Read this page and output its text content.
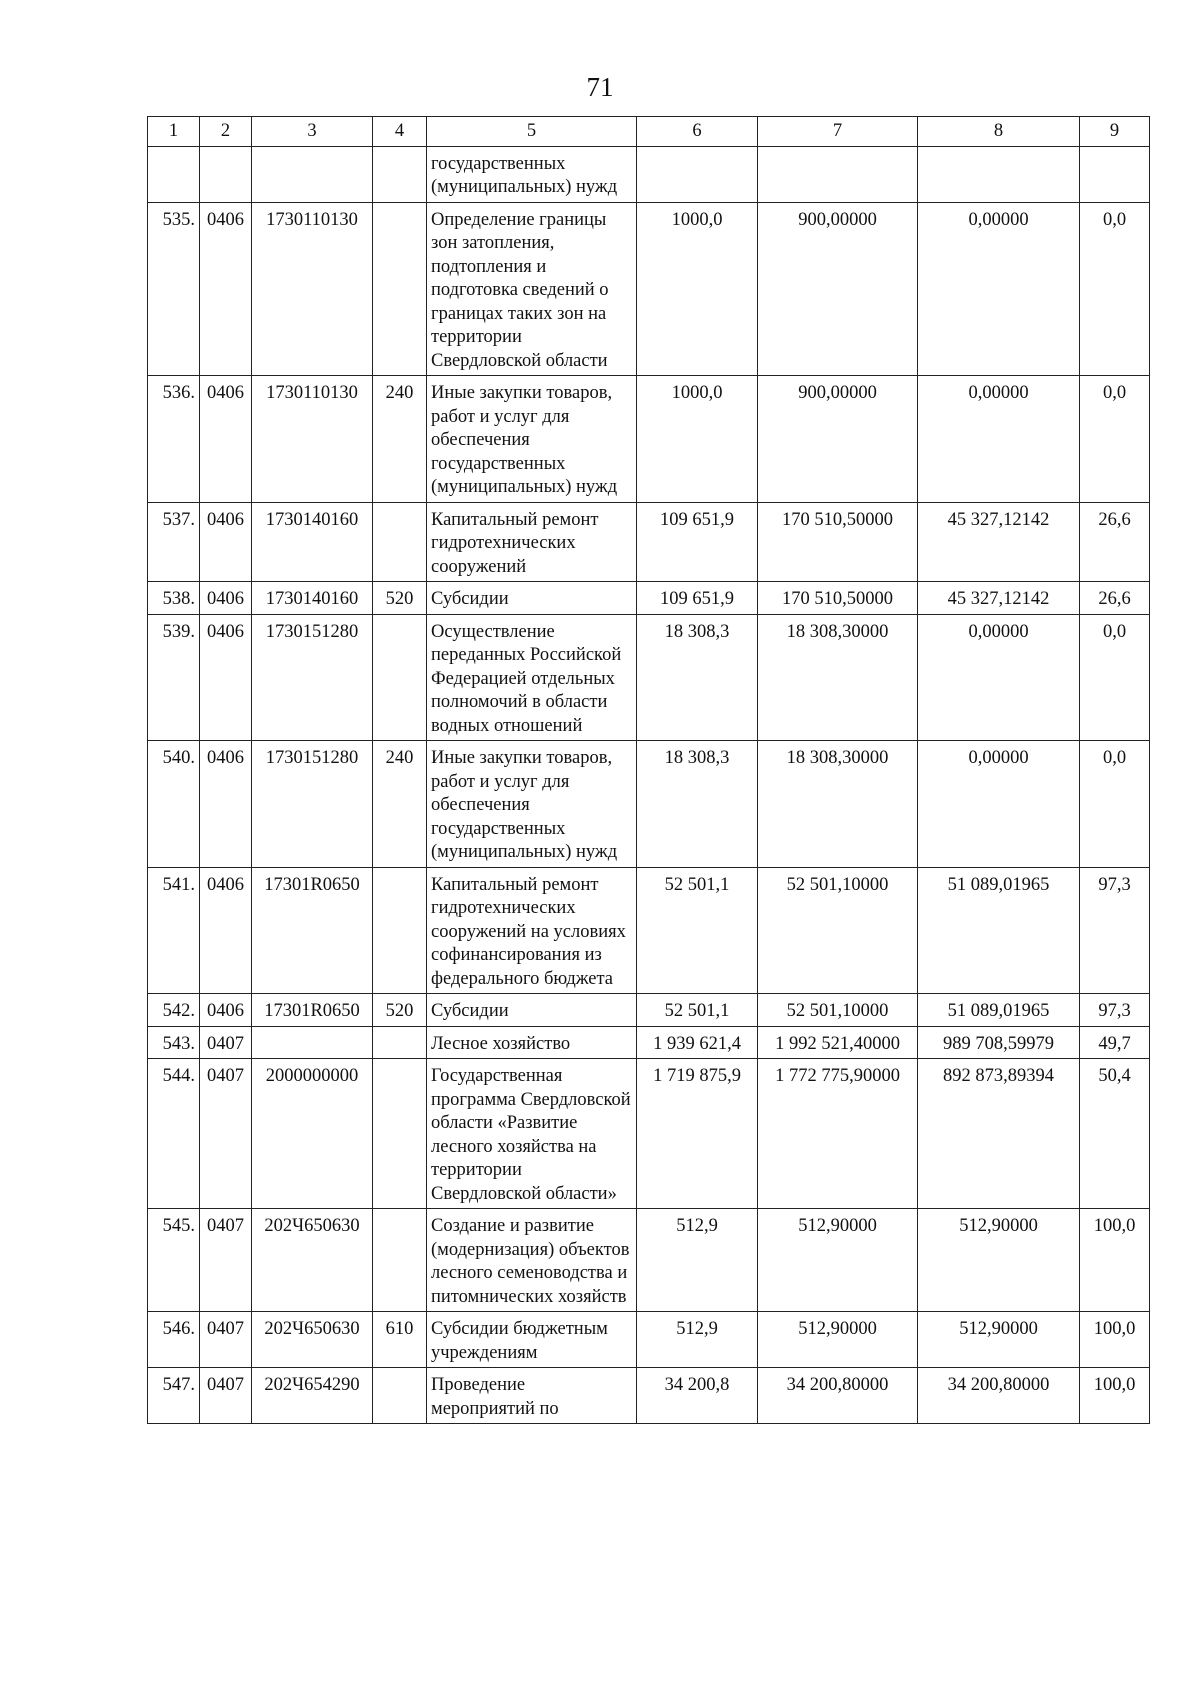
71
1	2	3	4	5	6	7	8	9
				государственных (муниципальных) нужд				
535.	0406	1730110130		Определение границы зон затопления, подтопления и подготовка сведений о границах таких зон на территории Свердловской области	1000,0	900,00000	0,00000	0,0
536.	0406	1730110130	240	Иные закупки товаров, работ и услуг для обеспечения государственных (муниципальных) нужд	1000,0	900,00000	0,00000	0,0
537.	0406	1730140160		Капитальный ремонт гидротехнических сооружений	109 651,9	170 510,50000	45 327,12142	26,6
538.	0406	1730140160	520	Субсидии	109 651,9	170 510,50000	45 327,12142	26,6
539.	0406	1730151280		Осуществление переданных Российской Федерацией отдельных полномочий в области водных отношений	18 308,3	18 308,30000	0,00000	0,0
540.	0406	1730151280	240	Иные закупки товаров, работ и услуг для обеспечения государственных (муниципальных) нужд	18 308,3	18 308,30000	0,00000	0,0
541.	0406	17301R0650		Капитальный ремонт гидротехнических сооружений на условиях софинансирования из федерального бюджета	52 501,1	52 501,10000	51 089,01965	97,3
542.	0406	17301R0650	520	Субсидии	52 501,1	52 501,10000	51 089,01965	97,3
543.	0407			Лесное хозяйство	1 939 621,4	1 992 521,40000	989 708,59979	49,7
544.	0407	2000000000		Государственная программа Свердловской области «Развитие лесного хозяйства на территории Свердловской области»	1 719 875,9	1 772 775,90000	892 873,89394	50,4
545.	0407	202Ч650630		Создание и развитие (модернизация) объектов лесного семеноводства и питомнических хозяйств	512,9	512,90000	512,90000	100,0
546.	0407	202Ч650630	610	Субсидии бюджетным учреждениям	512,9	512,90000	512,90000	100,0
547.	0407	202Ч654290		Проведение мероприятий по	34 200,8	34 200,80000	34 200,80000	100,0
